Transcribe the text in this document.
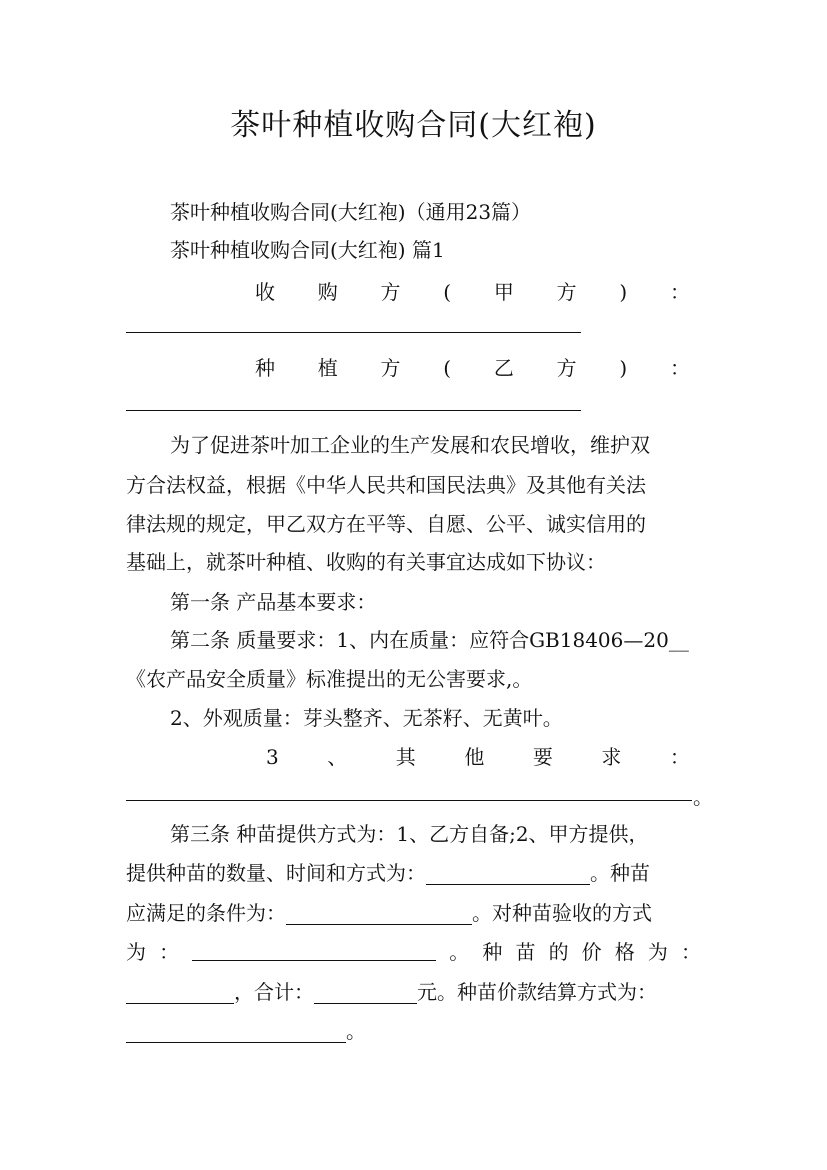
茶叶种植收购合同(大红袍)
茶叶种植收购合同(大红袍)（通用23篇）
茶叶种植收购合同(大红袍) 篇1
收 购 方 ( 甲 方 ) ：
种 植 方 ( 乙 方 ) ：
为了促进茶叶加工企业的生产发展和农民增收，维护双
方合法权益，根据《中华人民共和国民法典》及其他有关法
律法规的规定，甲乙双方在平等、自愿、公平、诚实信用的
基础上，就茶叶种植、收购的有关事宜达成如下协议：
第一条 产品基本要求：
第二条 质量要求：1、内在质量：应符合GB18406—20__
《农产品安全质量》标准提出的无公害要求,。
2、外观质量：芽头整齐、无茶籽、无黄叶。
3 、 其 他 要 求 ：
。
第三条 种苗提供方式为：1、乙方自备;2、甲方提供，
提供种苗的数量、时间和方式为：	。种苗
应满足的条件为：	。对种苗验收的方式
为 ：	。 种 苗 的 价 格 为 ：
，合计：	元。种苗价款结算方式为：
。
